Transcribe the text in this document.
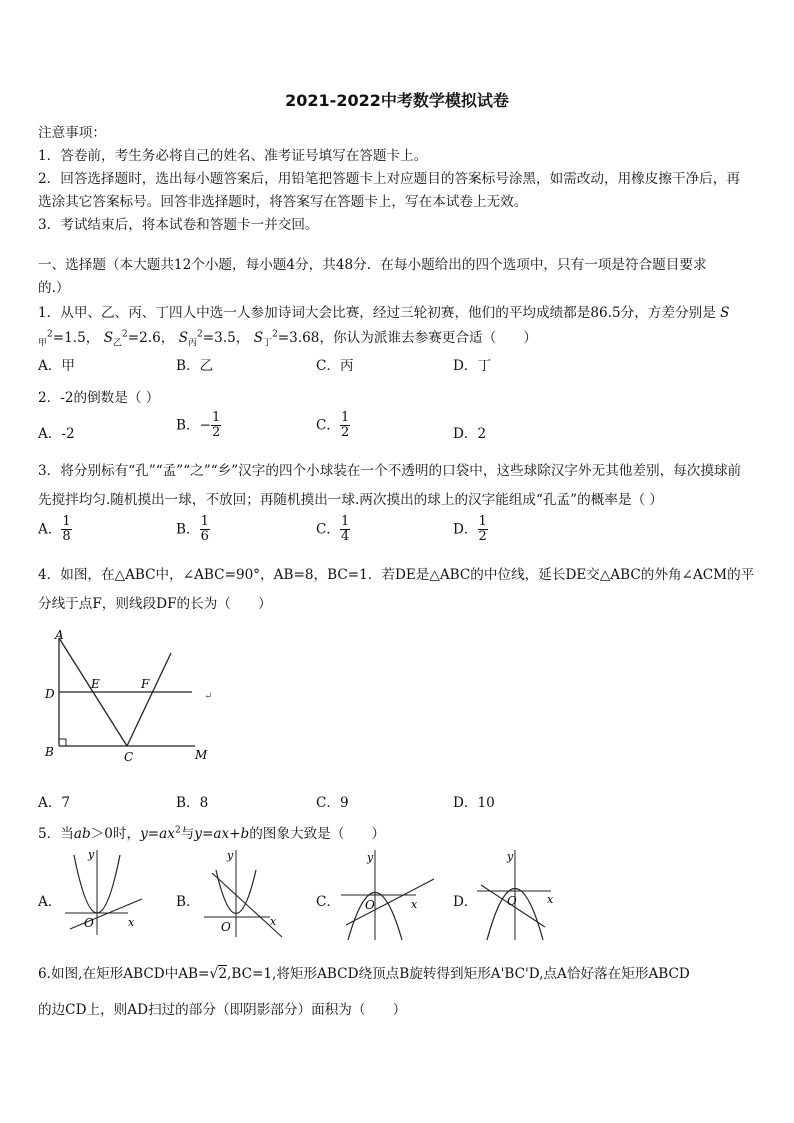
2021-2022中考数学模拟试卷
注意事项：
1．答卷前，考生务必将自己的姓名、准考证号填写在答题卡上。
2．回答选择题时，选出每小题答案后，用铅笔把答题卡上对应题目的答案标号涂黑，如需改动，用橡皮擦干净后，再
选涂其它答案标号。回答非选择题时，将答案写在答题卡上，写在本试卷上无效。
3．考试结束后，将本试卷和答题卡一并交回。
一、选择题（本大题共12个小题，每小题4分，共48分．在每小题给出的四个选项中，只有一项是符合题目要求
的.）
1．从甲、乙、丙、丁四人中选一人参加诗词大会比赛，经过三轮初赛，他们的平均成绩都是86.5分，方差分别是 S
$_甲^2$=1.5， $S_乙^2=2.6$， $S_丙^2=3.5$， $S_丁^2=3.68$，你认为派谁去参赛更合适（　　）
A．甲	B．乙	C．丙	D．丁
2．-2的倒数是（ ）
A．-2
B．− $\frac{1}{2}$	C． $\frac{1}{2}$	D．2
3．将分别标有“孔”“孟”“之”“乡”汉字的四个小球装在一个不透明的口袋中，这些球除汉字外无其他差别，每次摸球前
先搅拌均匀.随机摸出一球，不放回；再随机摸出一球.两次摸出的球上的汉字能组成“孔孟”的概率是（ ）
A． $\frac{1}{8}$	B． $\frac{1}{6}$	C． $\frac{1}{4}$	D． $\frac{1}{2}$
4．如图，在△ABC中，∠ABC=90°，AB=8，BC=1．若DE是△ABC的中位线，延长DE交△ABC的外角∠ACM的平
分线于点F，则线段DF的长为（　　）
A
D
E	F
B	C	M
↵
A．7	B．8	C．9	D．10
5．当ab＞0时，$y=ax^2$与y=ax+b的图象大致是（　　）
A．
y
x
O
B．
y
x
O
C．
y
x
O	D．
y
x
O
6.如图,在矩形ABCD中AB=√2,BC=1,将矩形ABCD绕顶点B旋转得到矩形A'BC'D,点A恰好落在矩形ABCD
的边CD上，则AD扫过的部分（即阴影部分）面积为（　　）
